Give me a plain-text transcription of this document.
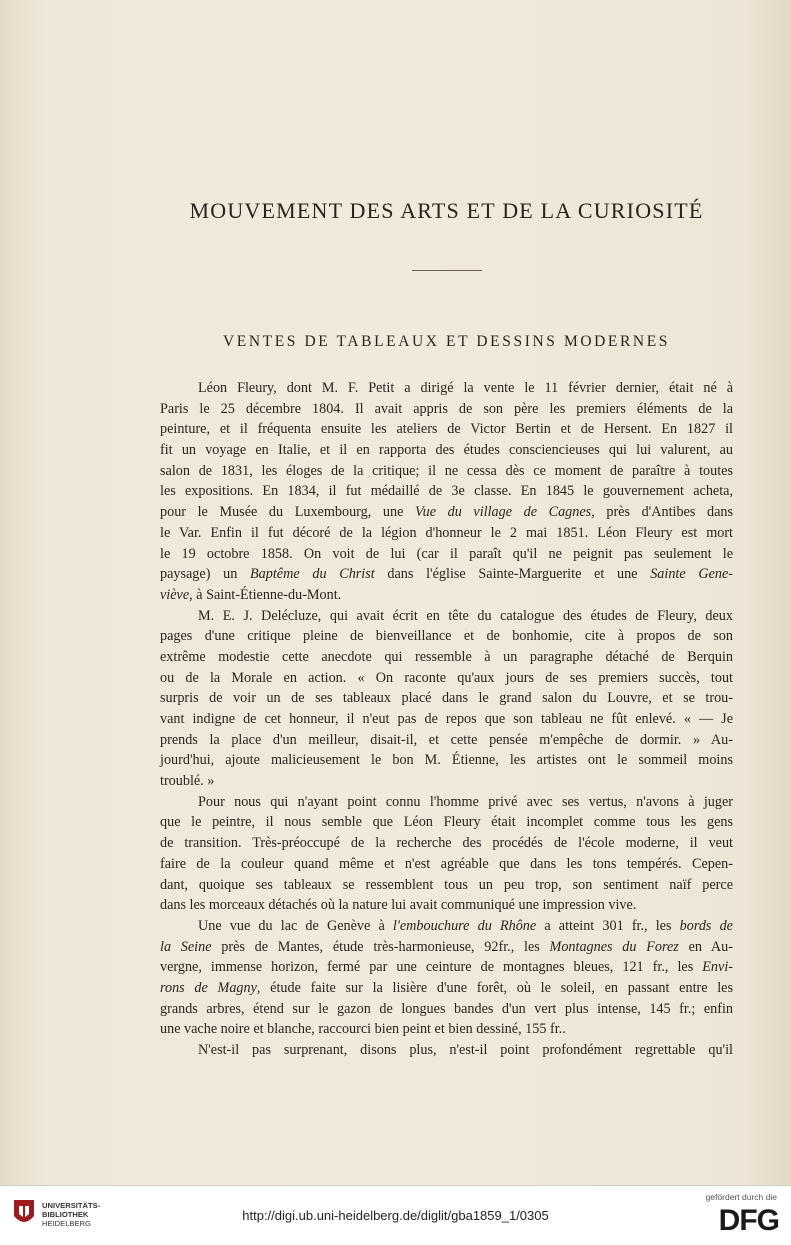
MOUVEMENT DES ARTS ET DE LA CURIOSITÉ
VENTES DE TABLEAUX ET DESSINS MODERNES
Léon Fleury, dont M. F. Petit a dirigé la vente le 11 février dernier, était né à
Paris le 25 décembre 1804. Il avait appris de son père les premiers éléments de la
peinture, et il fréquenta ensuite les ateliers de Victor Bertin et de Hersent. En 1827 il
fit un voyage en Italie, et il en rapporta des études consciencieuses qui lui valurent, au
salon de 1831, les éloges de la critique; il ne cessa dès ce moment de paraître à toutes
les expositions. En 1834, il fut médaillé de 3e classe. En 1845 le gouvernement acheta,
pour le Musée du Luxembourg, une Vue du village de Cagnes, près d'Antibes dans
le Var. Enfin il fut décoré de la légion d'honneur le 2 mai 1851. Léon Fleury est mort
le 19 octobre 1858. On voit de lui (car il paraît qu'il ne peignit pas seulement le
paysage) un Baptême du Christ dans l'église Sainte-Marguerite et une Sainte Gene-
viève, à Saint-Étienne-du-Mont.
M. E. J. Delécluze, qui avait écrit en tête du catalogue des études de Fleury, deux
pages d'une critique pleine de bienveillance et de bonhomie, cite à propos de son
extrême modestie cette anecdote qui ressemble à un paragraphe détaché de Berquin
ou de la Morale en action. « On raconte qu'aux jours de ses premiers succès, tout
surpris de voir un de ses tableaux placé dans le grand salon du Louvre, et se trou-
vant indigne de cet honneur, il n'eut pas de repos que son tableau ne fût enlevé. « — Je
prends la place d'un meilleur, disait-il, et cette pensée m'empêche de dormir. » Au-
jourd'hui, ajoute malicieusement le bon M. Étienne, les artistes ont le sommeil moins
troublé. »
Pour nous qui n'ayant point connu l'homme privé avec ses vertus, n'avons à juger
que le peintre, il nous semble que Léon Fleury était incomplet comme tous les gens
de transition. Très-préoccupé de la recherche des procédés de l'école moderne, il veut
faire de la couleur quand même et n'est agréable que dans les tons tempérés. Cepen-
dant, quoique ses tableaux se ressemblent tous un peu trop, son sentiment naïf perce
dans les morceaux détachés où la nature lui avait communiqué une impression vive.
Une vue du lac de Genève à l'embouchure du Rhône a atteint 301 fr., les bords de
la Seine près de Mantes, étude très-harmonieuse, 92fr., les Montagnes du Forez en Au-
vergne, immense horizon, fermé par une ceinture de montagnes bleues, 121 fr., les Envi-
rons de Magny, étude faite sur la lisière d'une forêt, où le soleil, en passant entre les
grands arbres, étend sur le gazon de longues bandes d'un vert plus intense, 145 fr.; enfin
une vache noire et blanche, raccourci bien peint et bien dessiné, 155 fr..
N'est-il pas surprenant, disons plus, n'est-il point profondément regrettable qu'il
UNIVERSITÄTS-
BIBLIOTHEK
HEIDELBERG
http://digi.ub.uni-heidelberg.de/diglit/gba1859_1/0305
gefördert durch die
DFG
